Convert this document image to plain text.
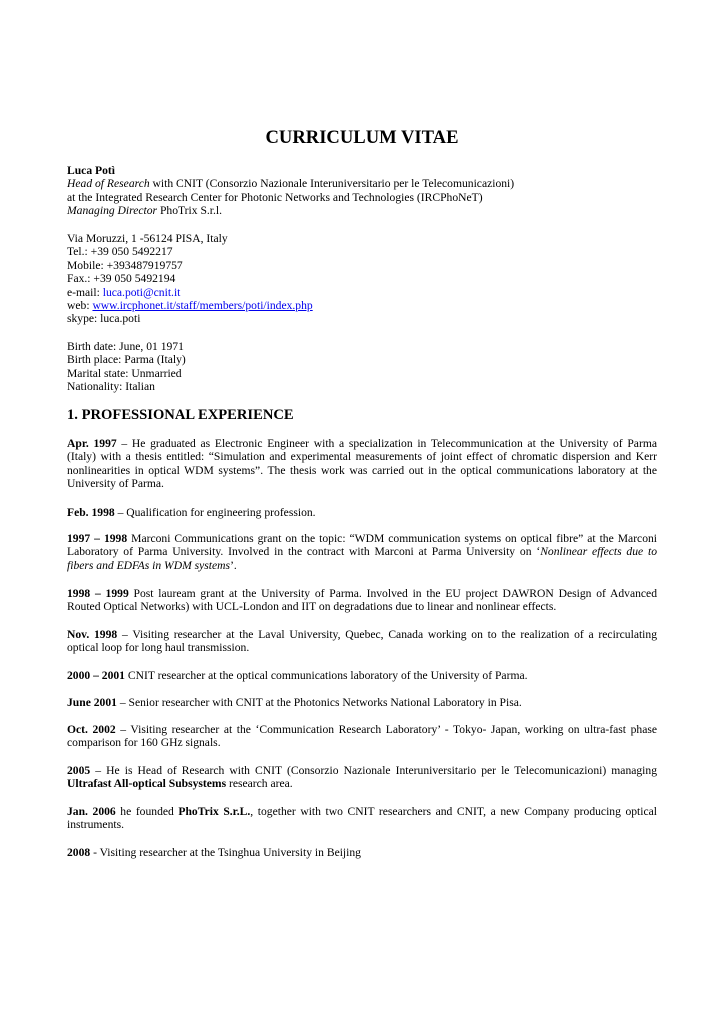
CURRICULUM VITAE
Luca Potì
Head of Research with CNIT (Consorzio Nazionale Interuniversitario per le Telecomunicazioni)
at the Integrated Research Center for Photonic Networks and Technologies (IRCPhoNeT)
Managing Director PhoTrix S.r.l.
Via Moruzzi, 1 -56124 PISA, Italy
Tel.: +39 050 5492217
Mobile: +393487919757
Fax.: +39 050 5492194
e-mail: luca.poti@cnit.it
web: www.ircphonet.it/staff/members/poti/index.php
skype: luca.poti
Birth date: June, 01 1971
Birth place: Parma (Italy)
Marital state: Unmarried
Nationality: Italian
1. PROFESSIONAL EXPERIENCE
Apr. 1997 – He graduated as Electronic Engineer with a specialization in Telecommunication at the University of Parma
(Italy) with a thesis entitled: “Simulation and experimental measurements of joint effect of chromatic dispersion and Kerr
nonlinearities in optical WDM systems”. The thesis work was carried out in the optical communications laboratory at the
University of Parma.
Feb. 1998 – Qualification for engineering profession.
1997 – 1998 Marconi Communications grant on the topic: “WDM communication systems on optical fibre” at the Marconi
Laboratory of Parma University. Involved in the contract with Marconi at Parma University on ‘Nonlinear effects due to
fibers and EDFAs in WDM systems’.
1998 – 1999 Post lauream grant at the University of Parma. Involved in the EU project DAWRON Design of Advanced
Routed Optical Networks) with UCL-London and IIT on degradations due to linear and nonlinear effects.
Nov. 1998 – Visiting researcher at the Laval University, Quebec, Canada working on to the realization of a recirculating
optical loop for long haul transmission.
2000 – 2001 CNIT researcher at the optical communications laboratory of the University of Parma.
June 2001 – Senior researcher with CNIT at the Photonics Networks National Laboratory in Pisa.
Oct. 2002 – Visiting researcher at the ‘Communication Research Laboratory’ - Tokyo- Japan, working on ultra-fast phase
comparison for 160 GHz signals.
2005 – He is Head of Research with CNIT (Consorzio Nazionale Interuniversitario per le Telecomunicazioni) managing
Ultrafast All-optical Subsystems research area.
Jan. 2006 he founded PhoTrix S.r.L., together with two CNIT researchers and CNIT, a new Company producing optical
instruments.
2008 - Visiting researcher at the Tsinghua University in Beijing
